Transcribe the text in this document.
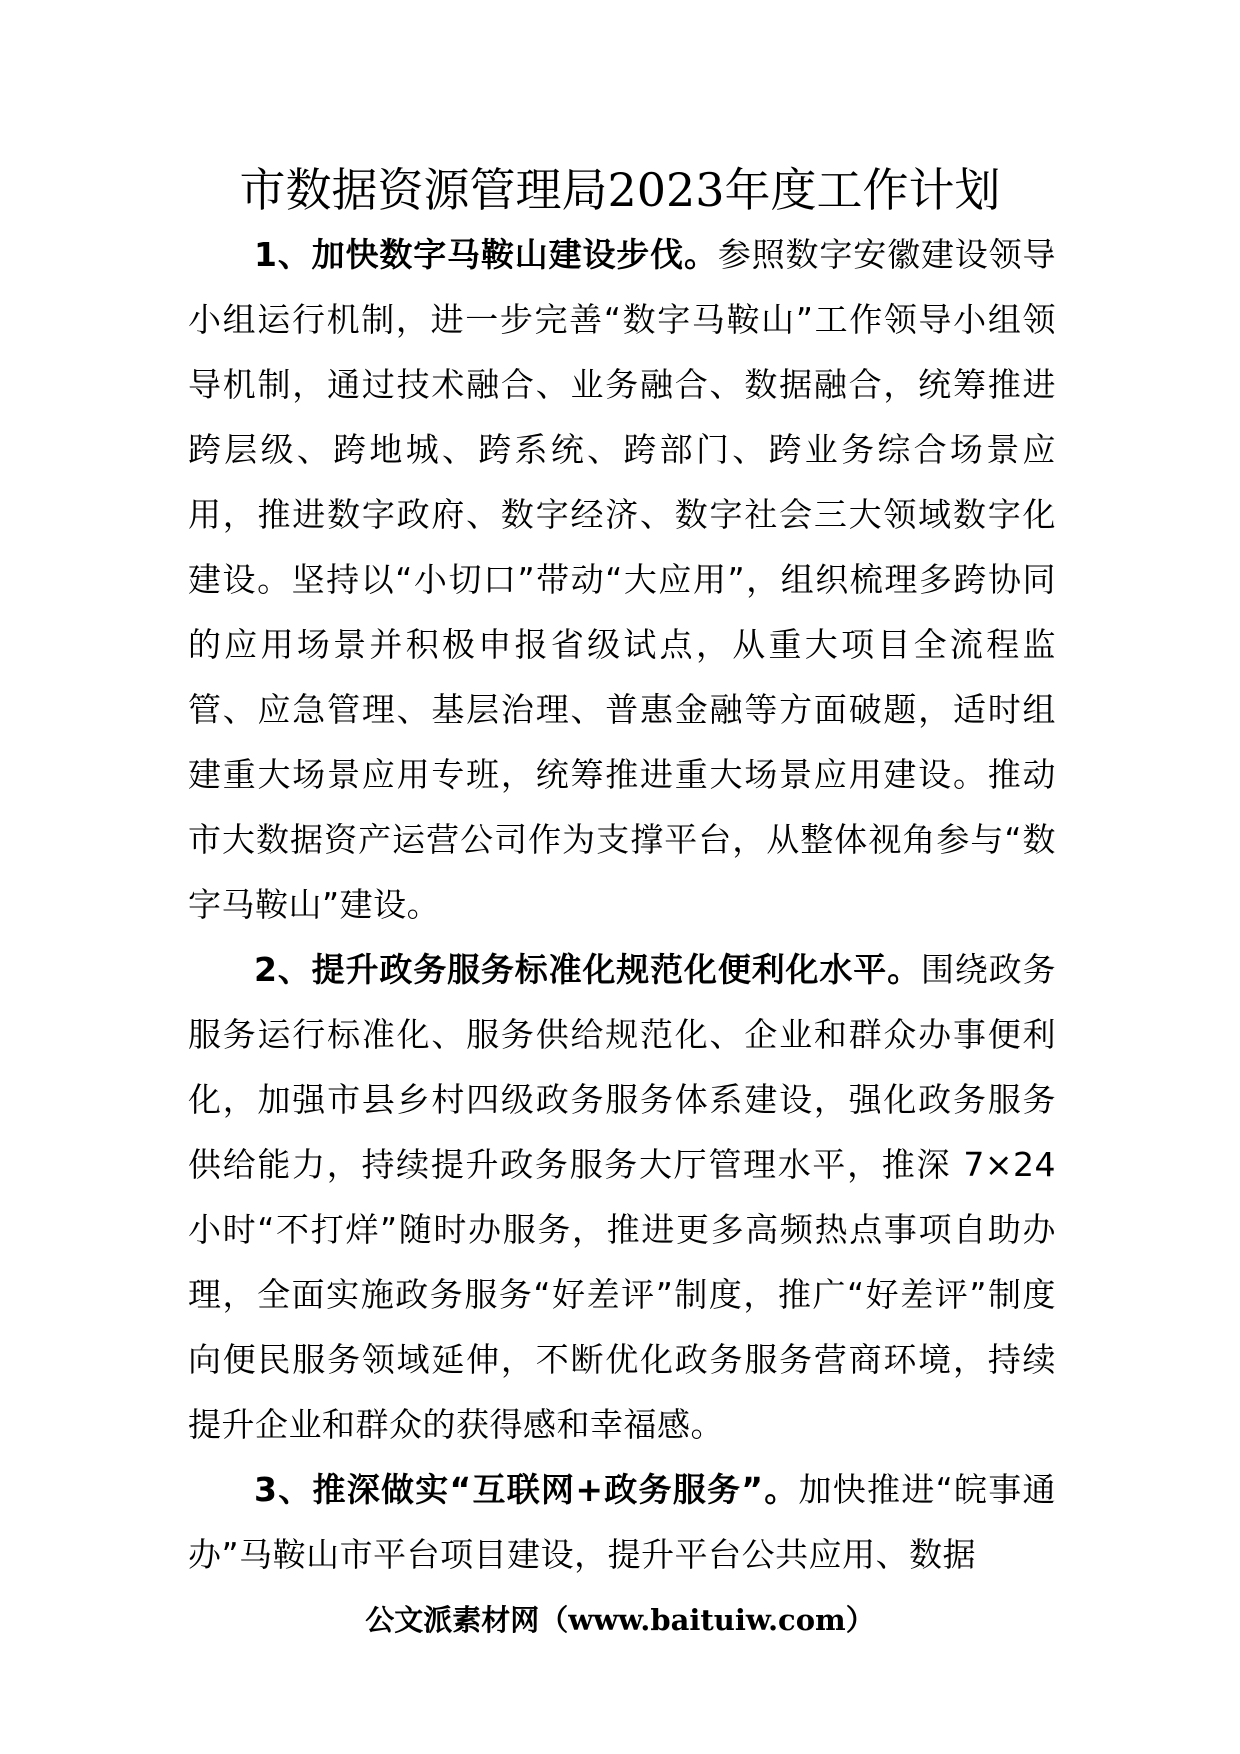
市数据资源管理局2023年度工作计划

1、加快数字马鞍山建设步伐。参照数字安徽建设领导小组运行机制，进一步完善“数字马鞍山”工作领导小组领导机制，通过技术融合、业务融合、数据融合，统筹推进跨层级、跨地城、跨系统、跨部门、跨业务综合场景应用，推进数字政府、数字经济、数字社会三大领域数字化建设。坚持以“小切口”带动“大应用”，组织梳理多跨协同的应用场景并积极申报省级试点，从重大项目全流程监管、应急管理、基层治理、普惠金融等方面破题，适时组建重大场景应用专班，统筹推进重大场景应用建设。推动市大数据资产运营公司作为支撑平台，从整体视角参与“数字马鞍山”建设。

2、提升政务服务标准化规范化便利化水平。围绕政务服务运行标准化、服务供给规范化、企业和群众办事便利化，加强市县乡村四级政务服务体系建设，强化政务服务供给能力，持续提升政务服务大厅管理水平，推深 7×24 小时“不打烊”随时办服务，推进更多高频热点事项自助办理，全面实施政务服务“好差评”制度，推广“好差评”制度向便民服务领域延伸，不断优化政务服务营商环境，持续提升企业和群众的获得感和幸福感。

3、推深做实“互联网+政务服务”。加快推进“皖事通办”马鞍山市平台项目建设，提升平台公共应用、数据

公文派素材网（www.baituiw.com）
